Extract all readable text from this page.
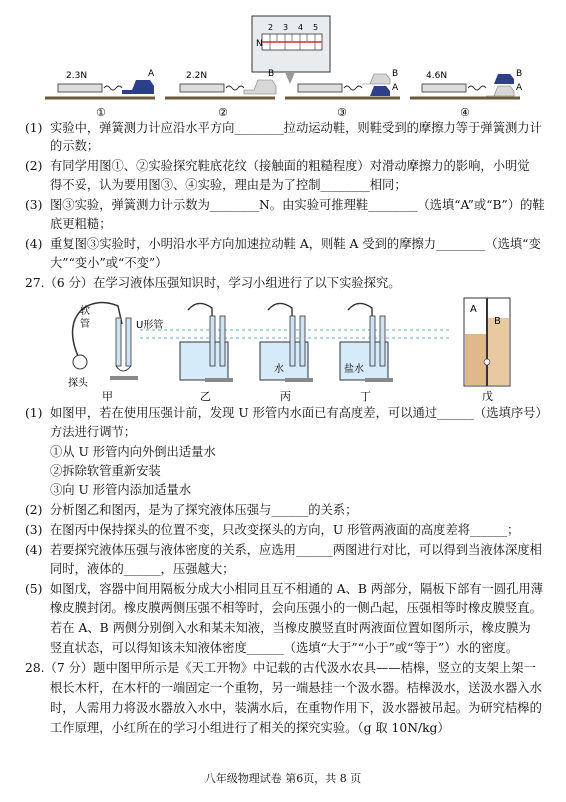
N
2 3 4 5
2.3N	A
①
2.2N	B
②
B
A
③
4.6N	B
A
④
(1) 实验中，弹簧测力计应沿水平方向________拉动运动鞋，则鞋受到的摩擦力等于弹簧测力计
的示数；
(2) 有同学用图①、②实验探究鞋底花纹（接触面的粗糙程度）对滑动摩擦力的影响，小明觉
得不妥，认为要用图③、④实验，理由是为了控制________相同；
(3) 图③实验，弹簧测力计示数为________N。由实验可推理鞋________（选填“A”或“B”）的鞋
底更粗糙；
(4) 重复图③实验时，小明沿水平方向加速拉动鞋 A，则鞋 A 受到的摩擦力________（选填“变
大”“变小”或“不变”）
27.（6 分）在学习液体压强知识时，学习小组进行了以下实验探究。
软
管	U形管
探头
水	盐水
A
B
甲	乙	丙	丁	戊
(1) 如图甲，若在使用压强计前，发现 U 形管内水面已有高度差，可以通过______（选填序号）
方法进行调节；
①从 U 形管内向外倒出适量水
②拆除软管重新安装
③向 U 形管内添加适量水
(2) 分析图乙和图丙，是为了探究液体压强与______的关系；
(3) 在图丙中保持探头的位置不变，只改变探头的方向，U 形管两液面的高度差将______；
(4) 若要探究液体压强与液体密度的关系，应选用______两图进行对比，可以得到当液体深度相
同时，液体的______，压强越大；
(5) 如图戊，容器中间用隔板分成大小相同且互不相通的 A、B 两部分，隔板下部有一圆孔用薄
橡皮膜封闭。橡皮膜两侧压强不相等时，会向压强小的一侧凸起，压强相等时橡皮膜竖直。
若在 A、B 两侧分别倒入水和某未知液，当橡皮膜竖直时两液面位置如图所示，橡皮膜为
竖直状态，可以得知该未知液体密度______（选填“大于”“小于”或“等于”）水的密度。
28.（7 分）题中图甲所示是《天工开物》中记载的古代汲水农具——桔槔，竖立的支架上架一
根长木杆，在木杆的一端固定一个重物，另一端悬挂一个汲水器。桔槔汲水，送汲水器入水
时，人需用力将汲水器放入水中，装满水后，在重物作用下，汲水器被吊起。为研究桔槔的
工作原理，小红所在的学习小组进行了相关的探究实验。（g 取 10N/kg）
八年级物理试卷 第6页，共 8 页
